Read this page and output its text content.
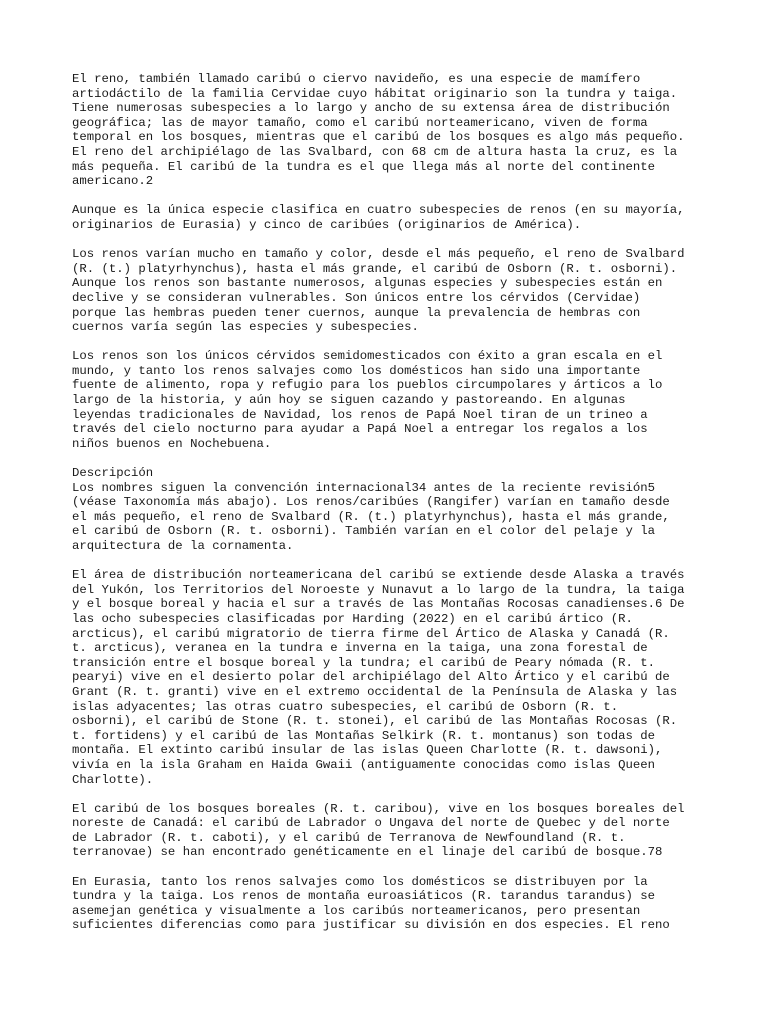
El reno, también llamado caribú o ciervo navideño, es una especie de mamífero
artiodáctilo de la familia Cervidae cuyo hábitat originario son la tundra y taiga.
Tiene numerosas subespecies a lo largo y ancho de su extensa área de distribución
geográfica; las de mayor tamaño, como el caribú norteamericano, viven de forma
temporal en los bosques, mientras que el caribú de los bosques es algo más pequeño.
El reno del archipiélago de las Svalbard, con 68 cm de altura hasta la cruz, es la
más pequeña. El caribú de la tundra es el que llega más al norte del continente
americano.2

Aunque es la única especie clasifica en cuatro subespecies de renos (en su mayoría,
originarios de Eurasia) y cinco de caribúes (originarios de América).

Los renos varían mucho en tamaño y color, desde el más pequeño, el reno de Svalbard
(R. (t.) platyrhynchus), hasta el más grande, el caribú de Osborn (R. t. osborni).
Aunque los renos son bastante numerosos, algunas especies y subespecies están en
declive y se consideran vulnerables. Son únicos entre los cérvidos (Cervidae)
porque las hembras pueden tener cuernos, aunque la prevalencia de hembras con
cuernos varía según las especies y subespecies.

Los renos son los únicos cérvidos semidomesticados con éxito a gran escala en el
mundo, y tanto los renos salvajes como los domésticos han sido una importante
fuente de alimento, ropa y refugio para los pueblos circumpolares y árticos a lo
largo de la historia, y aún hoy se siguen cazando y pastoreando. En algunas
leyendas tradicionales de Navidad, los renos de Papá Noel tiran de un trineo a
través del cielo nocturno para ayudar a Papá Noel a entregar los regalos a los
niños buenos en Nochebuena.

Descripción
Los nombres siguen la convención internacional34 antes de la reciente revisión5
(véase Taxonomía más abajo). Los renos/caribúes (Rangifer) varían en tamaño desde
el más pequeño, el reno de Svalbard (R. (t.) platyrhynchus), hasta el más grande,
el caribú de Osborn (R. t. osborni). También varían en el color del pelaje y la
arquitectura de la cornamenta.

El área de distribución norteamericana del caribú se extiende desde Alaska a través
del Yukón, los Territorios del Noroeste y Nunavut a lo largo de la tundra, la taiga
y el bosque boreal y hacia el sur a través de las Montañas Rocosas canadienses.6 De
las ocho subespecies clasificadas por Harding (2022) en el caribú ártico (R.
arcticus), el caribú migratorio de tierra firme del Ártico de Alaska y Canadá (R.
t. arcticus), veranea en la tundra e inverna en la taiga, una zona forestal de
transición entre el bosque boreal y la tundra; el caribú de Peary nómada (R. t.
pearyi) vive en el desierto polar del archipiélago del Alto Ártico y el caribú de
Grant (R. t. granti) vive en el extremo occidental de la Península de Alaska y las
islas adyacentes; las otras cuatro subespecies, el caribú de Osborn (R. t.
osborni), el caribú de Stone (R. t. stonei), el caribú de las Montañas Rocosas (R.
t. fortidens) y el caribú de las Montañas Selkirk (R. t. montanus) son todas de
montaña. El extinto caribú insular de las islas Queen Charlotte (R. t. dawsoni),
vivía en la isla Graham en Haida Gwaii (antiguamente conocidas como islas Queen
Charlotte).

El caribú de los bosques boreales (R. t. caribou), vive en los bosques boreales del
noreste de Canadá: el caribú de Labrador o Ungava del norte de Quebec y del norte
de Labrador (R. t. caboti), y el caribú de Terranova de Newfoundland (R. t.
terranovae) se han encontrado genéticamente en el linaje del caribú de bosque.78

En Eurasia, tanto los renos salvajes como los domésticos se distribuyen por la
tundra y la taiga. Los renos de montaña euroasiáticos (R. tarandus tarandus) se
asemejan genética y visualmente a los caribús norteamericanos, pero presentan
suficientes diferencias como para justificar su división en dos especies. El reno
